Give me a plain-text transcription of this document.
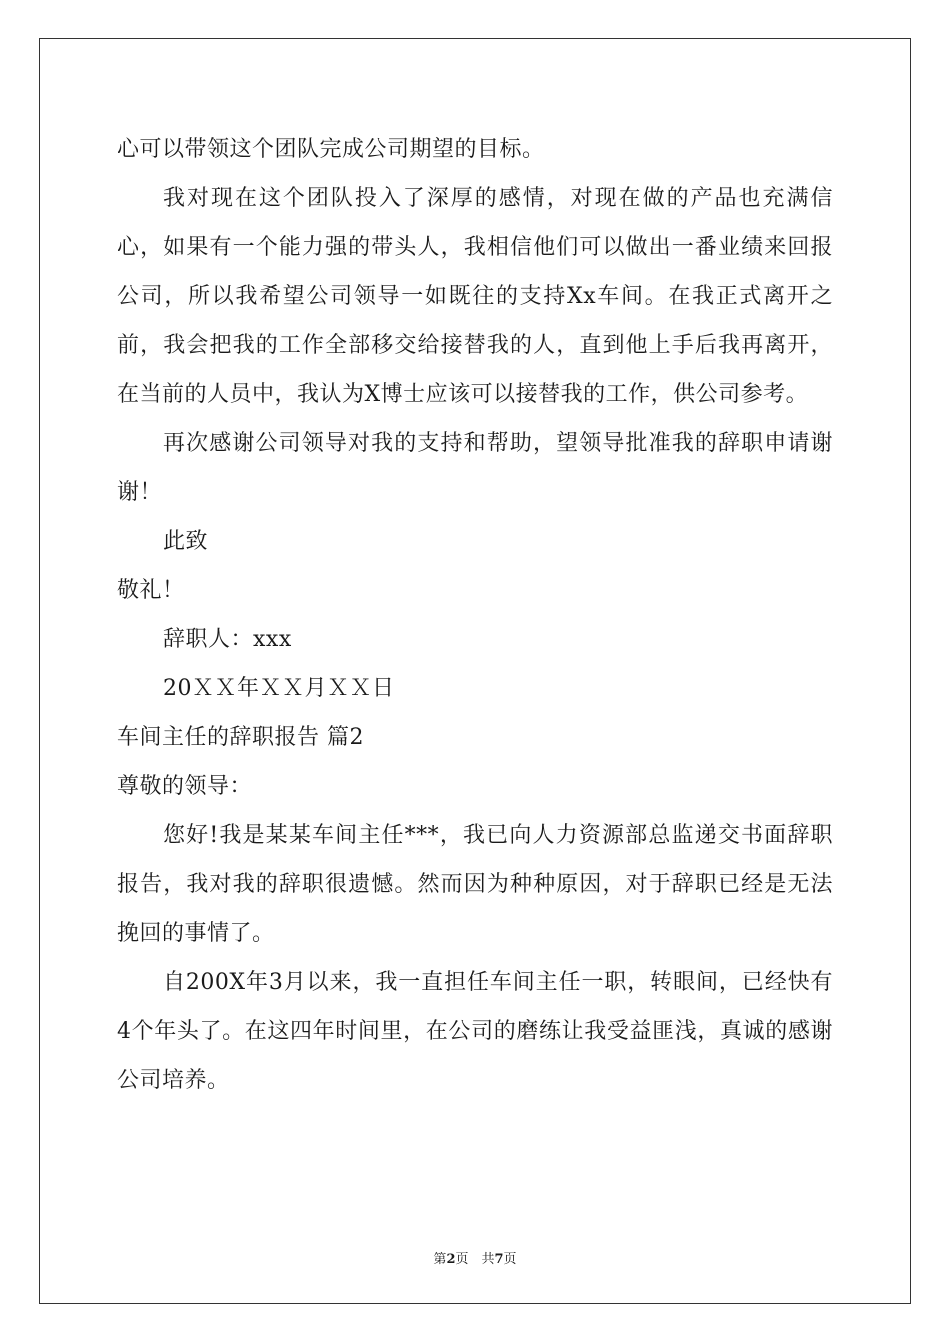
心可以带领这个团队完成公司期望的目标。

我对现在这个团队投入了深厚的感情，对现在做的产品也充满信心，如果有一个能力强的带头人，我相信他们可以做出一番业绩来回报公司，所以我希望公司领导一如既往的支持Xx车间。在我正式离开之前，我会把我的工作全部移交给接替我的人，直到他上手后我再离开，在当前的人员中，我认为X博士应该可以接替我的工作，供公司参考。

再次感谢公司领导对我的支持和帮助，望领导批准我的辞职申请谢谢！

此致

敬礼！

辞职人：xxx

20ＸＸ年ＸＸ月ＸＸ日

车间主任的辞职报告 篇2

尊敬的领导：

您好!我是某某车间主任***，我已向人力资源部总监递交书面辞职报告，我对我的辞职很遗憾。然而因为种种原因，对于辞职已经是无法挽回的事情了。

自200X年3月以来，我一直担任车间主任一职，转眼间，已经快有4个年头了。在这四年时间里，在公司的磨练让我受益匪浅，真诚的感谢公司培养。

第2页　共7页
